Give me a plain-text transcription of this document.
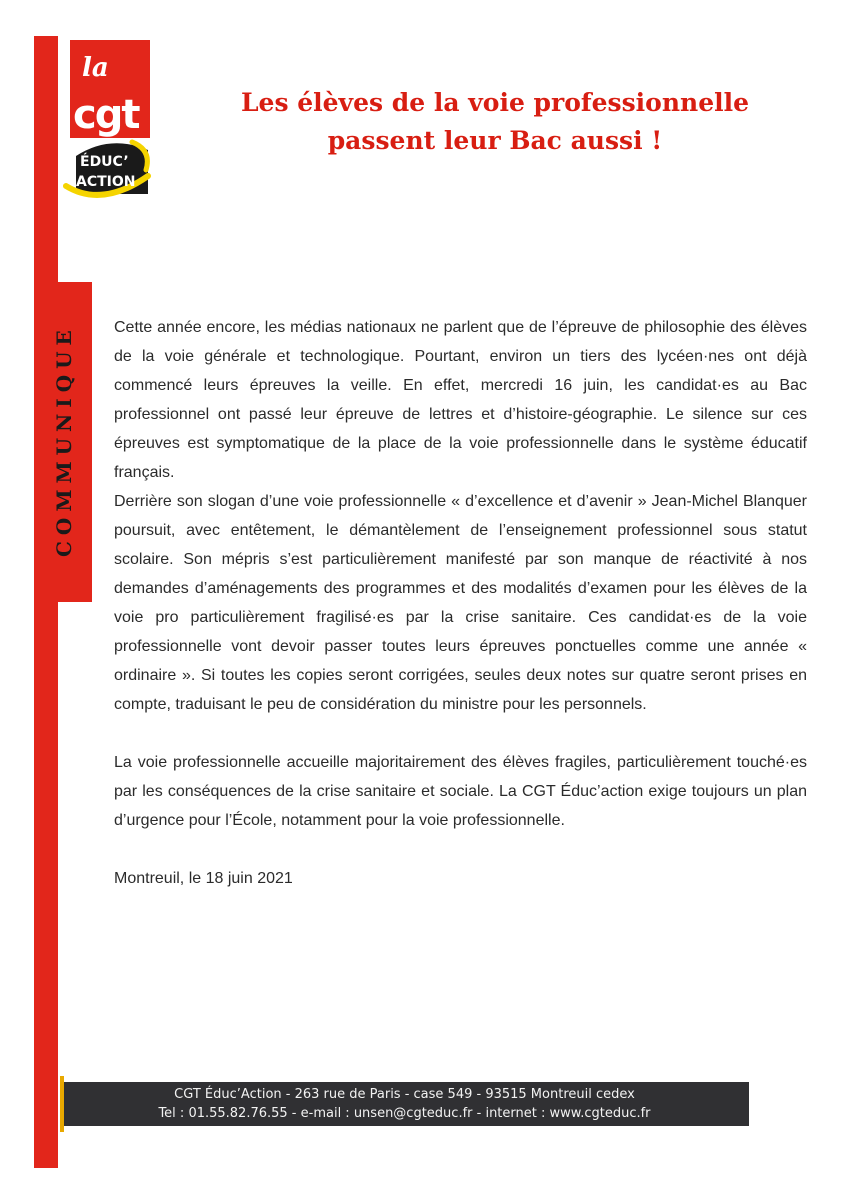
COMMUNIQUE
la
cgt
ÉDUC’
ACTION
Les élèves de la voie professionnelle
passent leur Bac aussi !

Cette année encore, les médias nationaux ne parlent que de l’épreuve de philosophie des élèves de la voie générale et technologique. Pourtant, environ un tiers des lycéen·nes ont déjà commencé leurs épreuves la veille. En effet, mercredi 16 juin, les candidat·es au Bac professionnel ont passé leur épreuve de lettres et d’histoire-géographie. Le silence sur ces épreuves est symptomatique de la place de la voie professionnelle dans le système éducatif français.

Derrière son slogan d’une voie professionnelle « d’excellence et d’avenir » Jean-Michel Blanquer poursuit, avec entêtement, le démantèlement de l’enseignement professionnel sous statut scolaire. Son mépris s’est particulièrement manifesté par son manque de réactivité à nos demandes d’aménagements des programmes et des modalités d’examen pour les élèves de la voie pro particulièrement fragilisé·es par la crise sanitaire. Ces candidat·es de la voie professionnelle vont devoir passer toutes leurs épreuves ponctuelles comme une année « ordinaire ». Si toutes les copies seront corrigées, seules deux notes sur quatre seront prises en compte, traduisant le peu de considération du ministre pour les personnels.

La voie professionnelle accueille majoritairement des élèves fragiles, particulièrement touché·es par les conséquences de la crise sanitaire et sociale. La CGT Éduc’action exige toujours un plan d’urgence pour l’École, notamment pour la voie professionnelle.

Montreuil, le 18 juin 2021

CGT Éduc’Action - 263 rue de Paris - case 549 - 93515 Montreuil cedex
Tel : 01.55.82.76.55 - e-mail : unsen@cgteduc.fr - internet : www.cgteduc.fr
